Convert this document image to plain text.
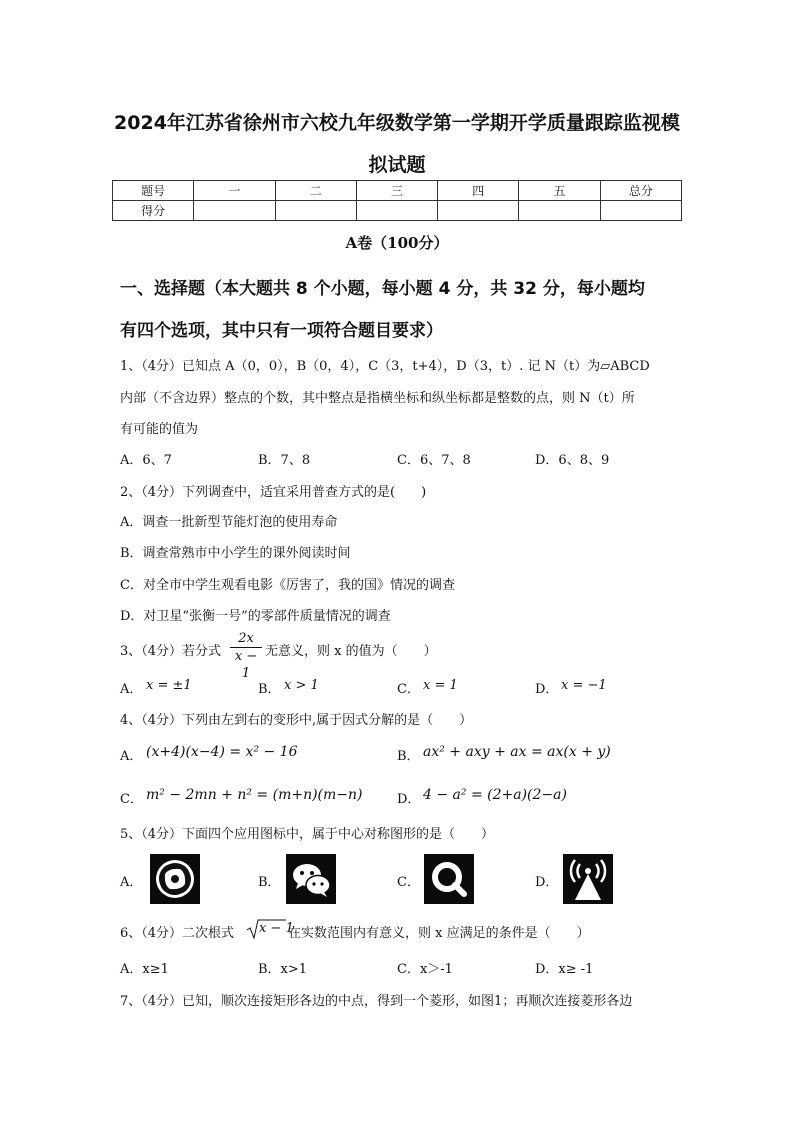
2024年江苏省徐州市六校九年级数学第一学期开学质量跟踪监视模
拟试题
题号	一	二	三	四	五	总分
得分						
A卷（100分）
一、选择题（本大题共 8 个小题，每小题 4 分，共 32 分，每小题均
有四个选项，其中只有一项符合题目要求）
1、（4分）已知点 A（0，0），B（0，4），C（3，t+4），D（3，t）. 记 N（t）为▱ABCD
内部（不含边界）整点的个数，其中整点是指横坐标和纵坐标都是整数的点，则 N（t）所
有可能的值为
A．6、7	B．7、8	C．6、7、8	D．6、8、9
2、（4分）下列调查中，适宜采用普查方式的是(　　)
A．调查一批新型节能灯泡的使用寿命
B．调查常熟市中小学生的课外阅读时间
C．对全市中学生观看电影《厉害了，我的国》情况的调查
D．对卫星“张衡一号”的零部件质量情况的调查
3、（4分）若分式
2x
x − 1
无意义，则 x 的值为（　　）
A． x = ±1	B． x > 1	C． x = 1	D． x = −1
4、（4分）下列由左到右的变形中,属于因式分解的是（　　）
A． (x+4)(x−4) = x² − 16	B． ax² + axy + ax = ax(x + y)
C． m² − 2mn + n² = (m+n)(m−n)	D． 4 − a² = (2+a)(2−a)
5、（4分）下面四个应用图标中，属于中心对称图形的是（　　）
A．	B．	C．	D．
6、（4分）二次根式 x − 1
在实数范围内有意义，则 x 应满足的条件是（　　）
A．x≥1	B．x>1	C．x＞-1	D．x≥ -1
7、（4分）已知，顺次连接矩形各边的中点，得到一个菱形，如图1；再顺次连接菱形各边
